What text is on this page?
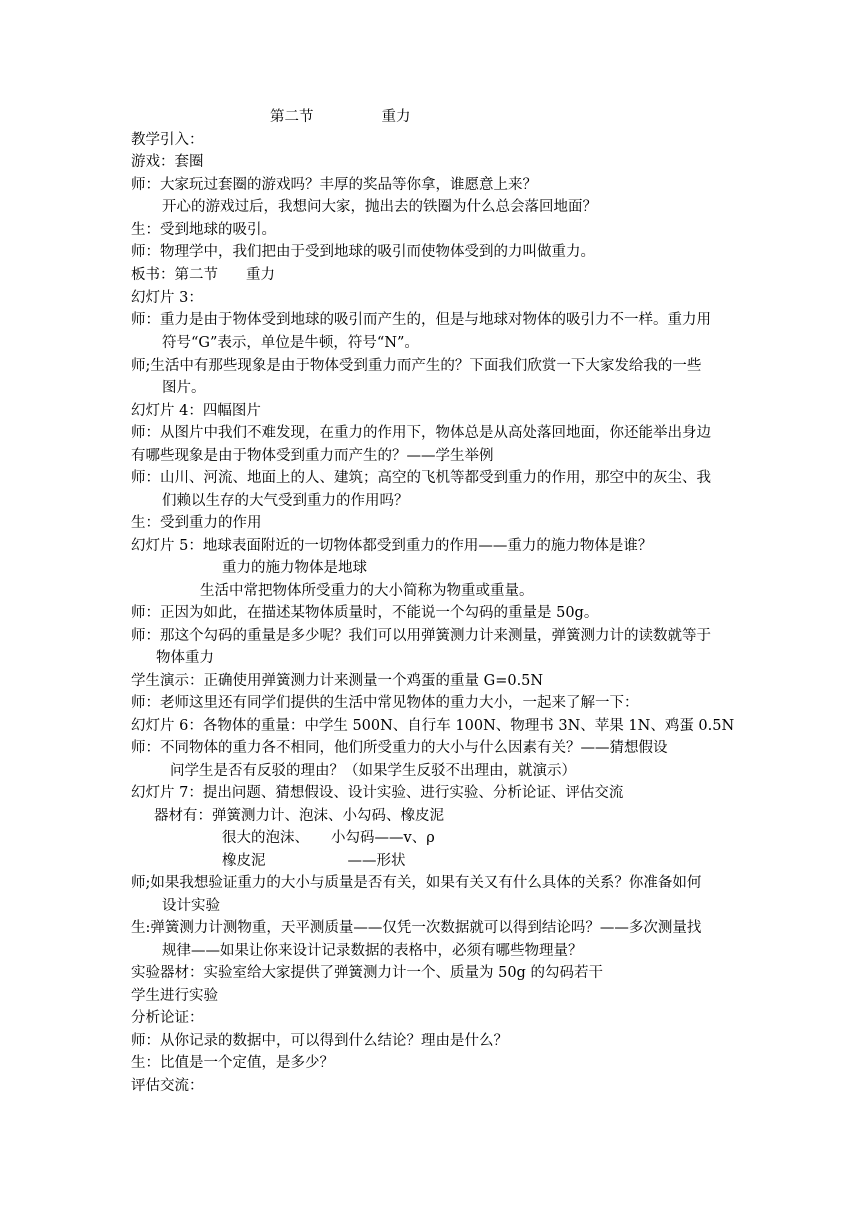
第二节	重力
教学引入：
游戏：套圈
师：大家玩过套圈的游戏吗？丰厚的奖品等你拿，谁愿意上来？
开心的游戏过后，我想问大家，抛出去的铁圈为什么总会落回地面？
生：受到地球的吸引。
师：物理学中，我们把由于受到地球的吸引而使物体受到的力叫做重力。
板书：第二节 重力
幻灯片 3：
师：重力是由于物体受到地球的吸引而产生的，但是与地球对物体的吸引力不一样。重力用
符号“G”表示，单位是牛顿，符号“N”。
师;生活中有那些现象是由于物体受到重力而产生的？下面我们欣赏一下大家发给我的一些
图片。
幻灯片 4：四幅图片
师：从图片中我们不难发现，在重力的作用下，物体总是从高处落回地面，你还能举出身边
有哪些现象是由于物体受到重力而产生的？——学生举例
师：山川、河流、地面上的人、建筑；高空的飞机等都受到重力的作用，那空中的灰尘、我
们赖以生存的大气受到重力的作用吗？
生：受到重力的作用
幻灯片 5：地球表面附近的一切物体都受到重力的作用——重力的施力物体是谁？
重力的施力物体是地球
生活中常把物体所受重力的大小简称为物重或重量。
师：正因为如此，在描述某物体质量时，不能说一个勾码的重量是 50g。
师：那这个勾码的重量是多少呢？我们可以用弹簧测力计来测量，弹簧测力计的读数就等于
物体重力
学生演示：正确使用弹簧测力计来测量一个鸡蛋的重量 G=0.5N
师：老师这里还有同学们提供的生活中常见物体的重力大小，一起来了解一下：
幻灯片 6：各物体的重量：中学生 500N、自行车 100N、物理书 3N、苹果 1N、鸡蛋 0.5N
师：不同物体的重力各不相同，他们所受重力的大小与什么因素有关？——猜想假设
问学生是否有反驳的理由？（如果学生反驳不出理由，就演示）
幻灯片 7：提出问题、猜想假设、设计实验、进行实验、分析论证、评估交流
器材有：弹簧测力计、泡沫、小勾码、橡皮泥
很大的泡沫、 小勾码——v、ρ
橡皮泥	——形状
师;如果我想验证重力的大小与质量是否有关，如果有关又有什么具体的关系？你准备如何
设计实验
生:弹簧测力计测物重，天平测质量——仅凭一次数据就可以得到结论吗？——多次测量找
规律——如果让你来设计记录数据的表格中，必须有哪些物理量？
实验器材：实验室给大家提供了弹簧测力计一个、质量为 50g 的勾码若干
学生进行实验
分析论证：
师：从你记录的数据中，可以得到什么结论？理由是什么？
生：比值是一个定值，是多少？
评估交流：
